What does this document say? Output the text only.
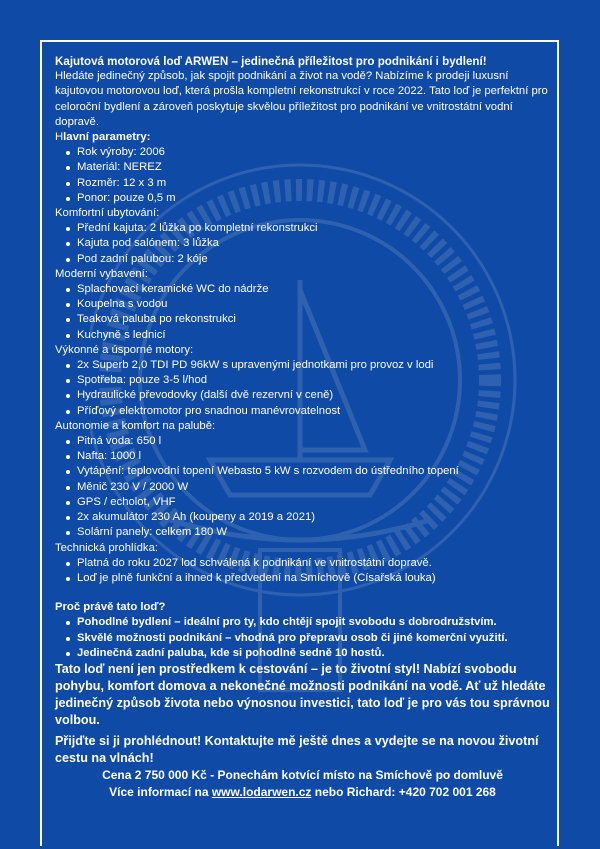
Kajutová motorová loď ARWEN – jedinečná příležitost pro podnikání i bydlení!

Hledáte jedinečný způsob, jak spojit podnikání a život na vodě? Nabízíme k prodeji luxusní kajutovou motorovou loď, která prošla kompletní rekonstrukcí v roce 2022. Tato loď je perfektní pro celoroční bydlení a zároveň poskytuje skvělou příležitost pro podnikání ve vnitrostátní vodní dopravě.

Hlavní parametry:

Rok výroby: 2006
Materiál: NEREZ
Rozměr: 12 x 3 m
Ponor: pouze 0,5 m

Komfortní ubytování:

Přední kajuta: 2 lůžka po kompletní rekonstrukci
Kajuta pod salónem: 3 lůžka
Pod zadní palubou: 2 kóje

Moderní vybavení:

Splachovací keramické WC do nádrže
Koupelna s vodou
Teaková paluba po rekonstrukci
Kuchyně s lednicí

Výkonné a úsporné motory:

2x Superb 2,0 TDI PD 96kW s upravenými jednotkami pro provoz v lodi
Spotřeba: pouze 3-5 l/hod
Hydraulické převodovky (další dvě rezervní v ceně)
Příďový elektromotor pro snadnou manévrovatelnost

Autonomie a komfort na palubě:

Pitná voda: 650 l
Nafta: 1000 l
Vytápění: teplovodní topení Webasto 5 kW s rozvodem do ústředního topení
Měnič 230 V / 2000 W
GPS / echolot, VHF
2x akumulátor 230 Ah (koupeny a 2019 a 2021)
Solární panely: celkem 180 W

Technická prohlídka:

Platná do roku 2027 lod schválená k podnikání ve vnitrostátní dopravě.
Loď je plně funkční a ihned k předvedení na Smíchově (Císařská louka)

Proč právě tato loď?

Pohodlné bydlení – ideální pro ty, kdo chtějí spojit svobodu s dobrodružstvím.
Skvělé možnosti podnikání – vhodná pro přepravu osob či jiné komerční využití.
Jedinečná zadní paluba, kde si pohodlně sedně 10 hostů.

Tato loď není jen prostředkem k cestování – je to životní styl! Nabízí svobodu pohybu, komfort domova a nekonečné možnosti podnikání na vodě. Ať už hledáte jedinečný způsob života nebo výnosnou investici, tato loď je pro vás tou správnou volbou.

Přijďte si ji prohlédnout! Kontaktujte mě ještě dnes a vydejte se na novou životní cestu na vlnách!

Cena 2 750 000 Kč - Ponechám kotvící místo na Smíchově po domluvě

Více informací na www.lodarwen.cz nebo Richard: +420 702 001 268
